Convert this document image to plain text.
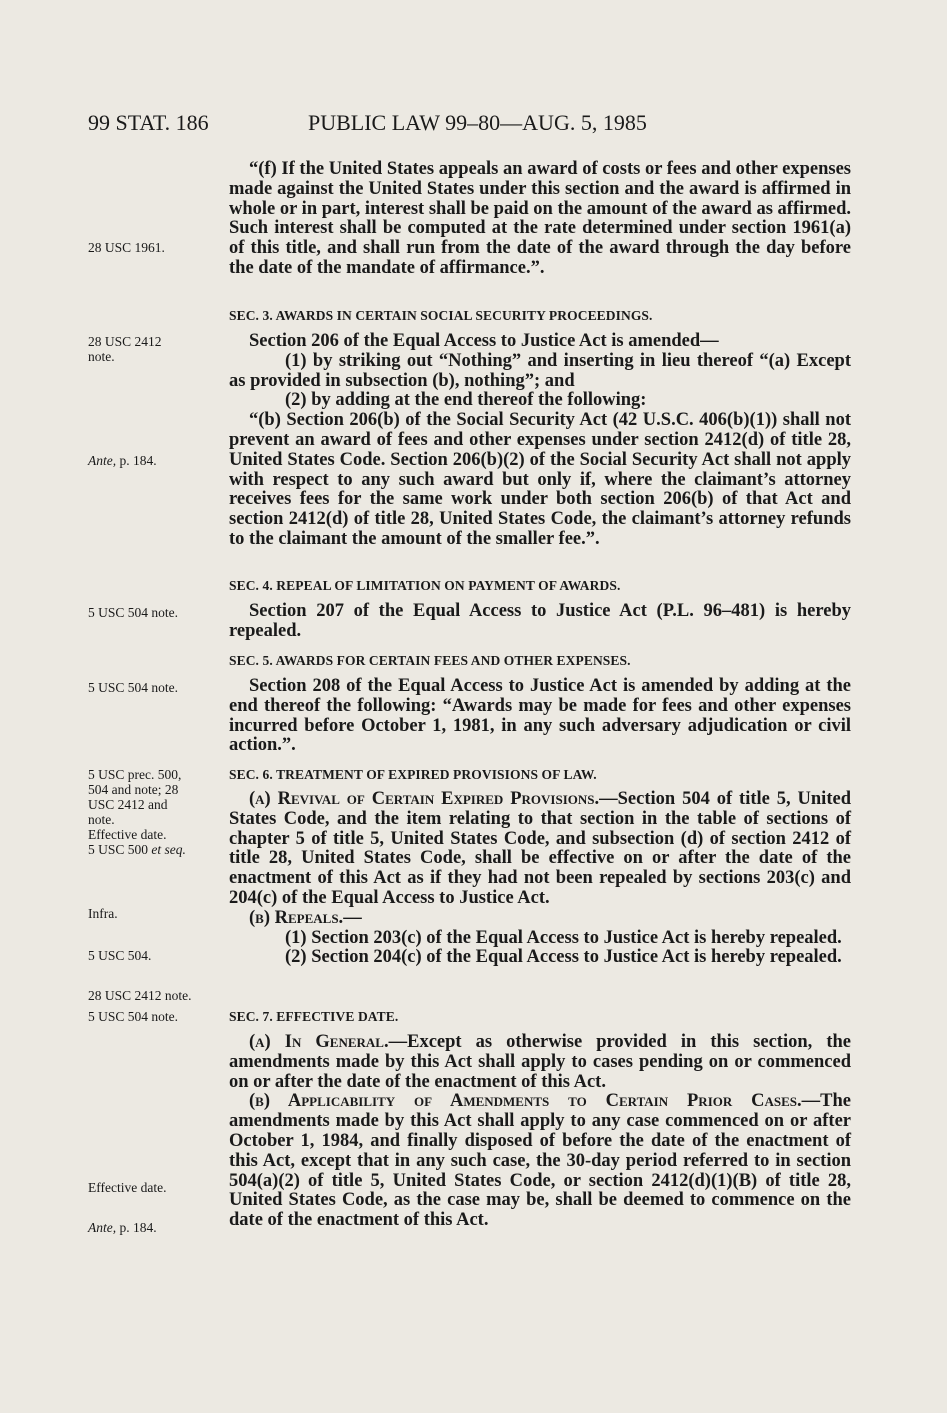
99 STAT. 186	PUBLIC LAW 99–80—AUG. 5, 1985
28 USC 1961.
28 USC 2412
note.
Ante, p. 184.
5 USC 504 note.
5 USC 504 note.
5 USC prec. 500,
504 and note; 28
USC 2412 and
note.
Effective date.
5 USC 500 et seq.
Infra.
5 USC 504.
28 USC 2412 note.
5 USC 504 note.
Effective date.
Ante, p. 184.

“(f) If the United States appeals an award of costs or fees and other expenses made against the United States under this section and the award is affirmed in whole or in part, interest shall be paid on the amount of the award as affirmed. Such interest shall be computed at the rate determined under section 1961(a) of this title, and shall run from the date of the award through the day before the date of the mandate of affirmance.”.

SEC. 3. AWARDS IN CERTAIN SOCIAL SECURITY PROCEEDINGS.

Section 206 of the Equal Access to Justice Act is amended—

(1) by striking out “Nothing” and inserting in lieu thereof “(a) Except as provided in subsection (b), nothing”; and

(2) by adding at the end thereof the following:

“(b) Section 206(b) of the Social Security Act (42 U.S.C. 406(b)(1)) shall not prevent an award of fees and other expenses under section 2412(d) of title 28, United States Code. Section 206(b)(2) of the Social Security Act shall not apply with respect to any such award but only if, where the claimant’s attorney receives fees for the same work under both section 206(b) of that Act and section 2412(d) of title 28, United States Code, the claimant’s attorney refunds to the claimant the amount of the smaller fee.”.

SEC. 4. REPEAL OF LIMITATION ON PAYMENT OF AWARDS.

Section 207 of the Equal Access to Justice Act (P.L. 96–481) is hereby repealed.

SEC. 5. AWARDS FOR CERTAIN FEES AND OTHER EXPENSES.

Section 208 of the Equal Access to Justice Act is amended by adding at the end thereof the following: “Awards may be made for fees and other expenses incurred before October 1, 1981, in any such adversary adjudication or civil action.”.

SEC. 6. TREATMENT OF EXPIRED PROVISIONS OF LAW.

(a) Revival of Certain Expired Provisions.—Section 504 of title 5, United States Code, and the item relating to that section in the table of sections of chapter 5 of title 5, United States Code, and subsection (d) of section 2412 of title 28, United States Code, shall be effective on or after the date of the enactment of this Act as if they had not been repealed by sections 203(c) and 204(c) of the Equal Access to Justice Act.

(b) Repeals.—

(1) Section 203(c) of the Equal Access to Justice Act is hereby repealed.

(2) Section 204(c) of the Equal Access to Justice Act is hereby repealed.

SEC. 7. EFFECTIVE DATE.

(a) In General.—Except as otherwise provided in this section, the amendments made by this Act shall apply to cases pending on or commenced on or after the date of the enactment of this Act.

(b) Applicability of Amendments to Certain Prior Cases.—The amendments made by this Act shall apply to any case commenced on or after October 1, 1984, and finally disposed of before the date of the enactment of this Act, except that in any such case, the 30-day period referred to in section 504(a)(2) of title 5, United States Code, or section 2412(d)(1)(B) of title 28, United States Code, as the case may be, shall be deemed to commence on the date of the enactment of this Act.
